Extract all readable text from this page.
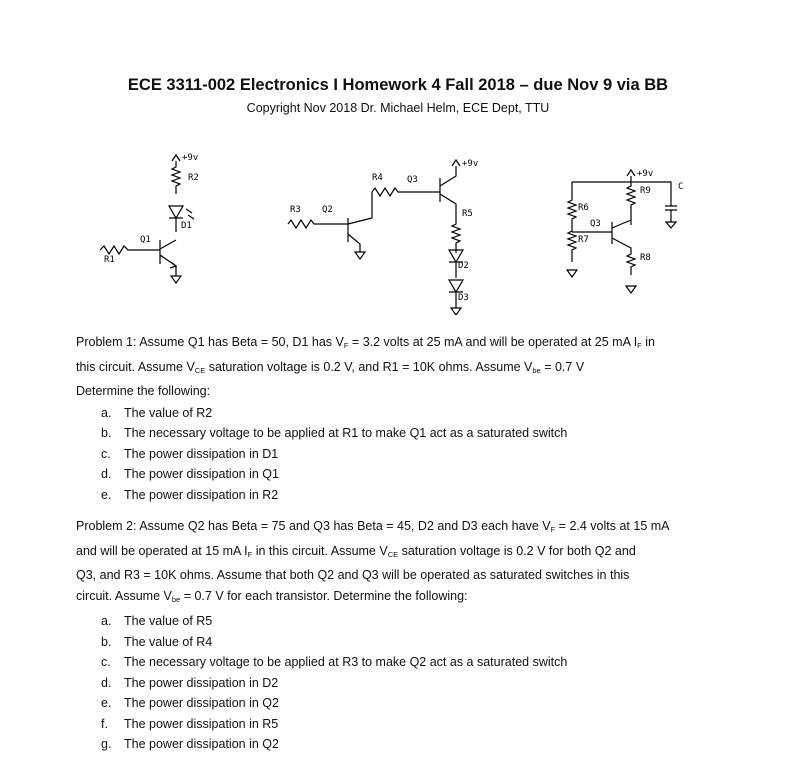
ECE 3311-002 Electronics I Homework 4 Fall 2018 – due Nov 9 via BB
Copyright Nov 2018 Dr. Michael Helm, ECE Dept, TTU
+9v
R2
D1
Q1
R1
+9v
Q3
R4
Q2
R3	R5
D2
D3
+9v
C
R9
R6
R7
Q3
R8

Problem 1: Assume Q1 has Beta = 50, D1 has $V_F = 3.2$ volts at 25 mA and will be operated at 25 mA $I_F$ in

this circuit. Assume $V_{CE}$ saturation voltage is 0.2 V, and R1 = 10K ohms. Assume $V_{be} = 0.7$ V

Determine the following:

a. The value of R2
b. The necessary voltage to be applied at R1 to make Q1 act as a saturated switch
c. The power dissipation in D1
d. The power dissipation in Q1
e. The power dissipation in R2

Problem 2: Assume Q2 has Beta = 75 and Q3 has Beta = 45, D2 and D3 each have $V_F = 2.4$ volts at 15 mA

and will be operated at 15 mA $I_F$ in this circuit. Assume $V_{CE}$ saturation voltage is 0.2 V for both Q2 and

Q3, and R3 = 10K ohms. Assume that both Q2 and Q3 will be operated as saturated switches in this

circuit. Assume $V_{be} = 0.7$ V for each transistor. Determine the following:

a. The value of R5
b. The value of R4
c. The necessary voltage to be applied at R3 to make Q2 act as a saturated switch
d. The power dissipation in D2
e. The power dissipation in Q2
f. The power dissipation in R5
g. The power dissipation in Q2
